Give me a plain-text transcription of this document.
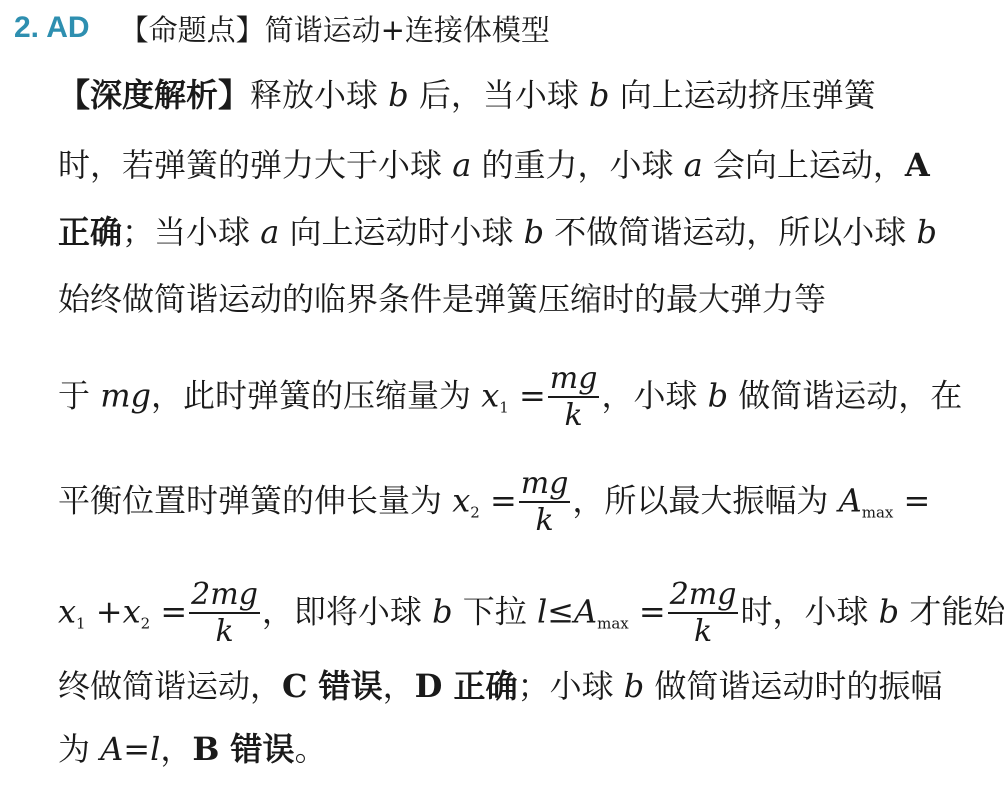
2. AD 【命题点】简谐运动+连接体模型
【深度解析】释放小球 b 后，当小球 b 向上运动挤压弹簧
时，若弹簧的弹力大于小球 a 的重力，小球 a 会向上运动，A
正确；当小球 a 向上运动时小球 b 不做简谐运动，所以小球 b
始终做简谐运动的临界条件是弹簧压缩时的最大弹力等
于 mg，此时弹簧的压缩量为 $x_1 = \frac{mg}{k}$ ，小球 b 做简谐运动，在
平衡位置时弹簧的伸长量为 $x_2 = \frac{mg}{k}$ ，所以最大振幅为 $A_{max}$ =
$x_1 +x_2 = \frac{2mg}{k}$ ，即将小球 b 下拉 $l\le A_{max} = \frac{2mg}{k}$ 时，小球 b 才能始
终做简谐运动，C 错误，D 正确；小球 b 做简谐运动时的振幅
为 A=l，B 错误。
